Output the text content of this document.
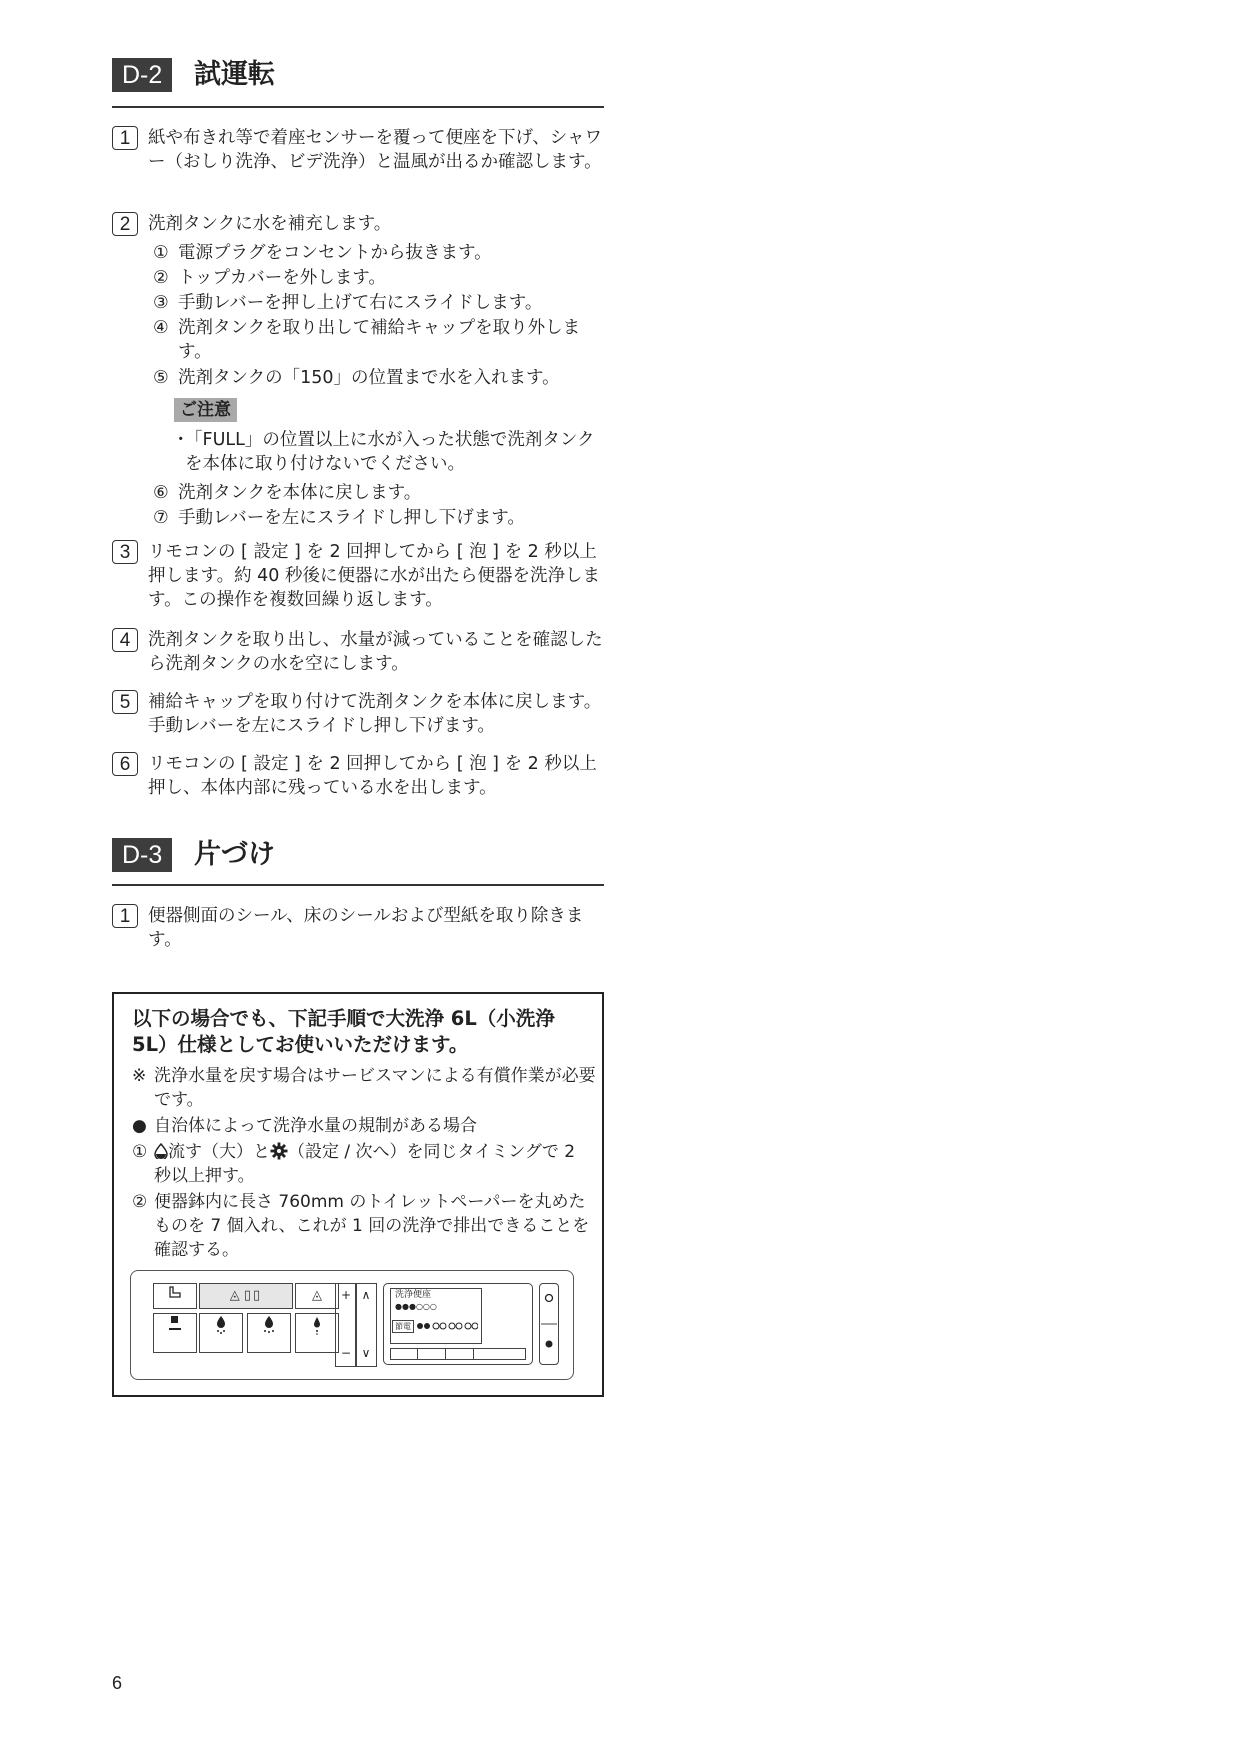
D-2	試運転
1	紙や布きれ等で着座センサーを覆って便座を下げ、シャワー（おしり洗浄、ビデ洗浄）と温風が出るか確認します。
2	洗剤タンクに水を補充します。
① 電源プラグをコンセントから抜きます。
② トップカバーを外します。
③ 手動レバーを押し上げて右にスライドします。
④ 洗剤タンクを取り出して補給キャップを取り外します。
⑤ 洗剤タンクの「150」の位置まで水を入れます。
ご注意
・
「FULL」の位置以上に水が入った状態で洗剤タンクを本体に取り付けないでください。
⑥ 洗剤タンクを本体に戻します。
⑦ 手動レバーを左にスライドし押し下げます。
3	リモコンの [ 設定 ] を 2 回押してから [ 泡 ] を 2 秒以上押します。約 40 秒後に便器に水が出たら便器を洗浄します。この操作を複数回繰り返します。
4	洗剤タンクを取り出し、水量が減っていることを確認したら洗剤タンクの水を空にします。
5	補給キャップを取り付けて洗剤タンクを本体に戻します。手動レバーを左にスライドし押し下げます。
6	リモコンの [ 設定 ] を 2 回押してから [ 泡 ] を 2 秒以上押し、本体内部に残っている水を出します。
D-3	片づけ
1	便器側面のシール、床のシールおよび型紙を取り除きます。
以下の場合でも、下記手順で大洗浄 6L（小洗浄 5L）仕様としてお使いいただけます。
※ 洗浄水量を戻す場合はサービスマンによる有償作業が必要です。
● 自治体によって洗浄水量の規制がある場合
①	流す（大）と （設定 / 次へ）を同じタイミングで 2 秒以上押す。
② 便器鉢内に長さ 760mm のトイレットペーパーを丸めたものを 7 個入れ、これが 1 回の洗浄で排出できることを確認する。
◬ ▯▯	◬	+
−
∧
∨
洗浄便座
●●●○○○
節電
6
